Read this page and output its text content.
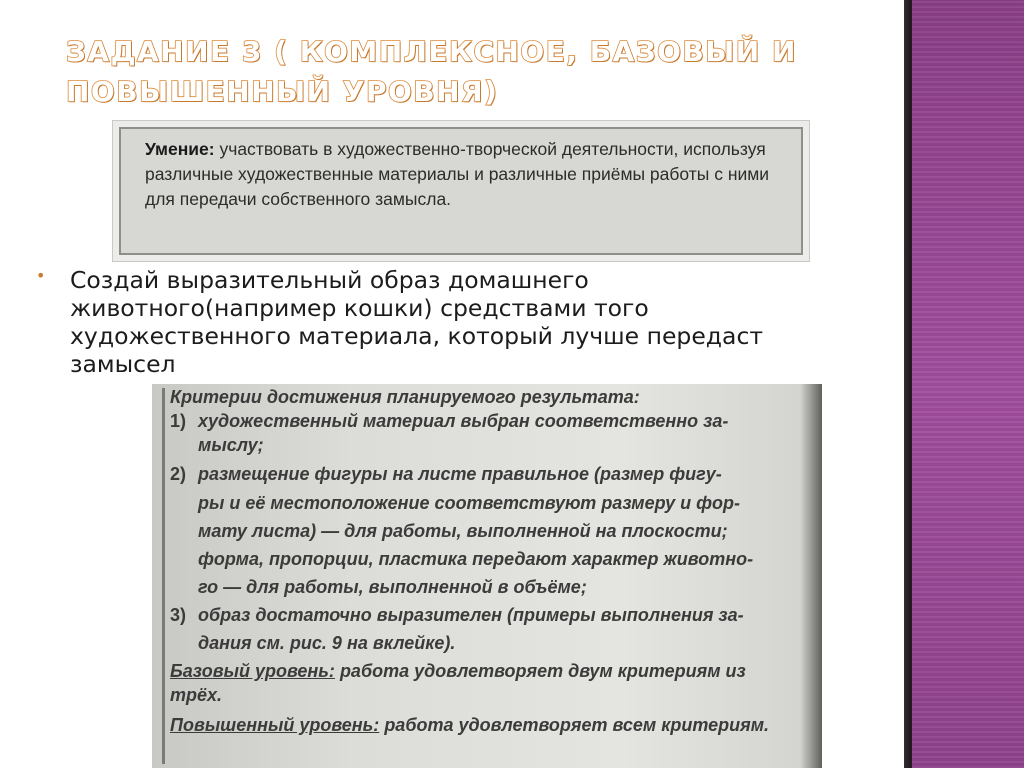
ЗАДАНИЕ 3 ( КОМПЛЕКСНОЕ, БАЗОВЫЙ И ПОВЫШЕННЫЙ УРОВНЯ)

Умение: участвовать в художественно-творческой деятельности, используя различные художественные материалы и различные приёмы работы с ними для передачи собственного замысла.

• Создай выразительный образ домашнего животного(например кошки) средствами того художественного материала, который лучше передаст замысел

Критерии достижения планируемого результата:

1) художественный материал выбран соответственно за-

мыслу;

2) размещение фигуры на листе правильное (размер фигу-

ры и её местоположение соответствуют размеру и фор-

мату листа) — для работы, выполненной на плоскости;

форма, пропорции, пластика передают характер животно-

го — для работы, выполненной в объёме;

3) образ достаточно выразителен (примеры выполнения за-

дания см. рис. 9 на вклейке).

Базовый уровень: работа удовлетворяет двум критериям из

трёх.

Повышенный уровень: работа удовлетворяет всем критериям.
